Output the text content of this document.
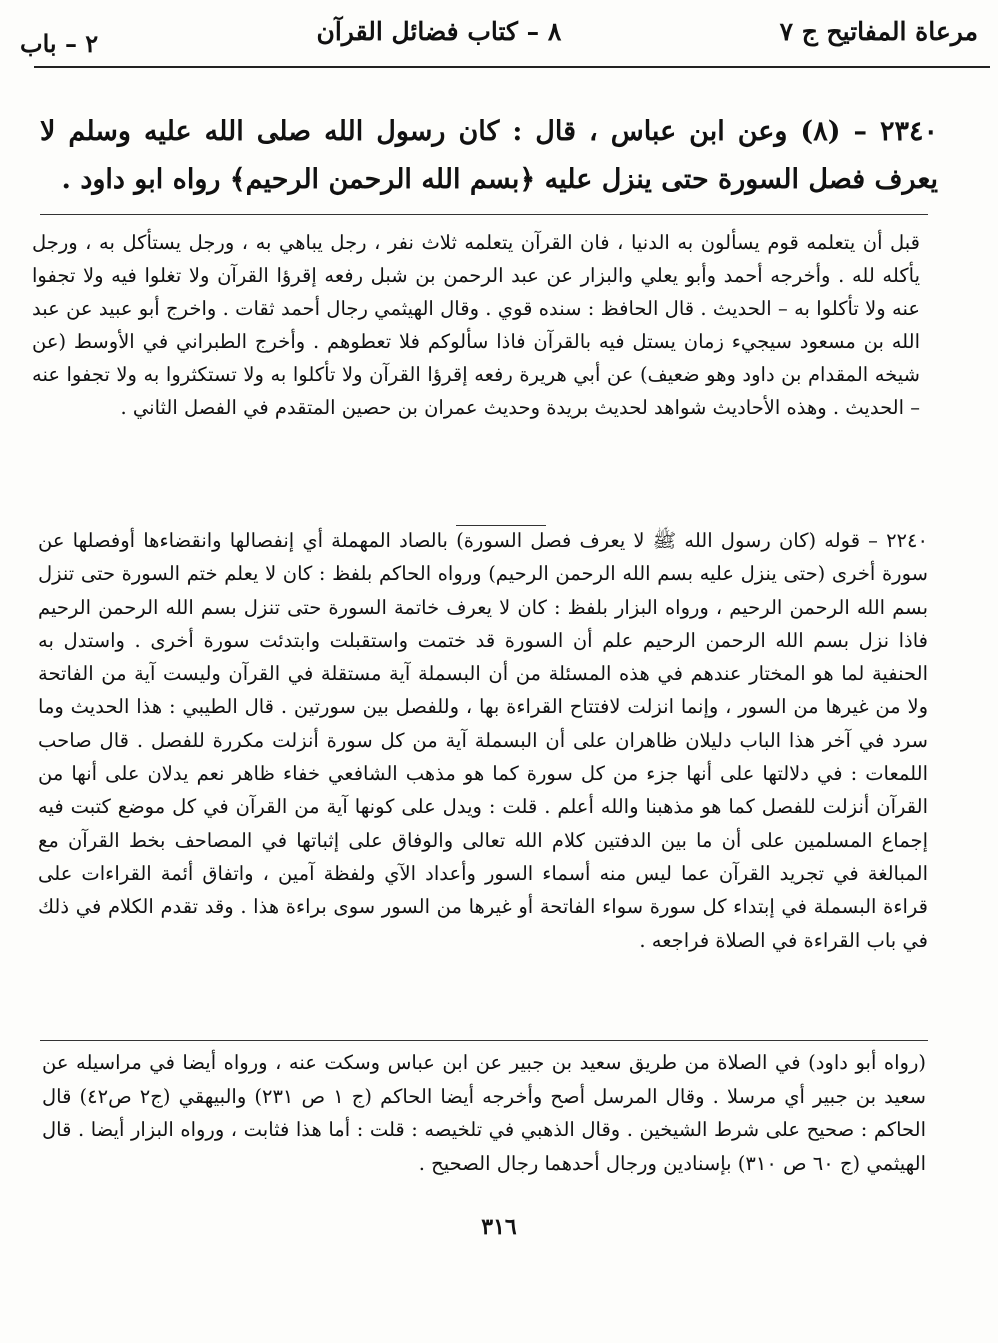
مرعاة المفاتيح ج ٧
٨ – كتاب فضائل القرآن
٢ – باب

٢٣٤٠ – (٨) وعن ابن عباس ، قال : كان رسول الله صلى الله عليه وسلم لا يعرف فصل السورة حتى ينزل عليه ﴿بسم الله الرحمن الرحيم﴾ رواه ابو داود .

قبل أن يتعلمه قوم يسألون به الدنيا ، فان القرآن يتعلمه ثلاث نفر ، رجل يباهي به ، ورجل يستأكل به ، ورجل يأكله لله . وأخرجه أحمد وأبو يعلي والبزار عن عبد الرحمن بن شبل رفعه إقرؤا القرآن ولا تغلوا فيه ولا تجفوا عنه ولا تأكلوا به – الحديث . قال الحافظ : سنده قوي . وقال الهيثمي رجال أحمد ثقات . واخرج أبو عبيد عن عبد الله بن مسعود سيجيء زمان يستل فيه بالقرآن فاذا سألوكم فلا تعطوهم . وأخرج الطبراني في الأوسط (عن شيخه المقدام بن داود وهو ضعيف) عن أبي هريرة رفعه إقرؤا القرآن ولا تأكلوا به ولا تستكثروا به ولا تجفوا عنه – الحديث . وهذه الأحاديث شواهد لحديث بريدة وحديث عمران بن حصين المتقدم في الفصل الثاني .

٢٢٤٠ – قوله (كان رسول الله ﷺ لا يعرف فصل السورة) بالصاد المهملة أي إنفصالها وانقضاءها أوفصلها عن سورة أخرى (حتى ينزل عليه بسم الله الرحمن الرحيم) ورواه الحاكم بلفظ : كان لا يعلم ختم السورة حتى تنزل بسم الله الرحمن الرحيم ، ورواه البزار بلفظ : كان لا يعرف خاتمة السورة حتى تنزل بسم الله الرحمن الرحيم فاذا نزل بسم الله الرحمن الرحيم علم أن السورة قد ختمت واستقبلت وابتدئت سورة أخرى . واستدل به الحنفية لما هو المختار عندهم في هذه المسئلة من أن البسملة آية مستقلة في القرآن وليست آية من الفاتحة ولا من غيرها من السور ، وإنما انزلت لافتتاح القراءة بها ، وللفصل بين سورتين . قال الطيبي : هذا الحديث وما سرد في آخر هذا الباب دليلان ظاهران على أن البسملة آية من كل سورة أنزلت مكررة للفصل . قال صاحب اللمعات : في دلالتها على أنها جزء من كل سورة كما هو مذهب الشافعي خفاء ظاهر نعم يدلان على أنها من القرآن أنزلت للفصل كما هو مذهبنا والله أعلم . قلت : ويدل على كونها آية من القرآن في كل موضع كتبت فيه إجماع المسلمين على أن ما بين الدفتين كلام الله تعالى والوفاق على إثباتها في المصاحف بخط القرآن مع المبالغة في تجريد القرآن عما ليس منه أسماء السور وأعداد الآي ولفظة آمين ، واتفاق أئمة القراءات على قراءة البسملة في إبتداء كل سورة سواء الفاتحة أو غيرها من السور سوى براءة هذا . وقد تقدم الكلام في ذلك في باب القراءة في الصلاة فراجعه .

(رواه أبو داود) في الصلاة من طريق سعيد بن جبير عن ابن عباس وسكت عنه ، ورواه أيضا في مراسيله عن سعيد بن جبير أي مرسلا . وقال المرسل أصح وأخرجه أيضا الحاكم (ج ١ ص ٢٣١) والبيهقي (ج٢ ص٤٢) قال الحاكم : صحيح على شرط الشيخين . وقال الذهبي في تلخيصه : قلت : أما هذا فثابت ، ورواه البزار أيضا . قال الهيثمي (ج ٦٠ ص ٣١٠) بإسنادين ورجال أحدهما رجال الصحيح .

٣١٦
